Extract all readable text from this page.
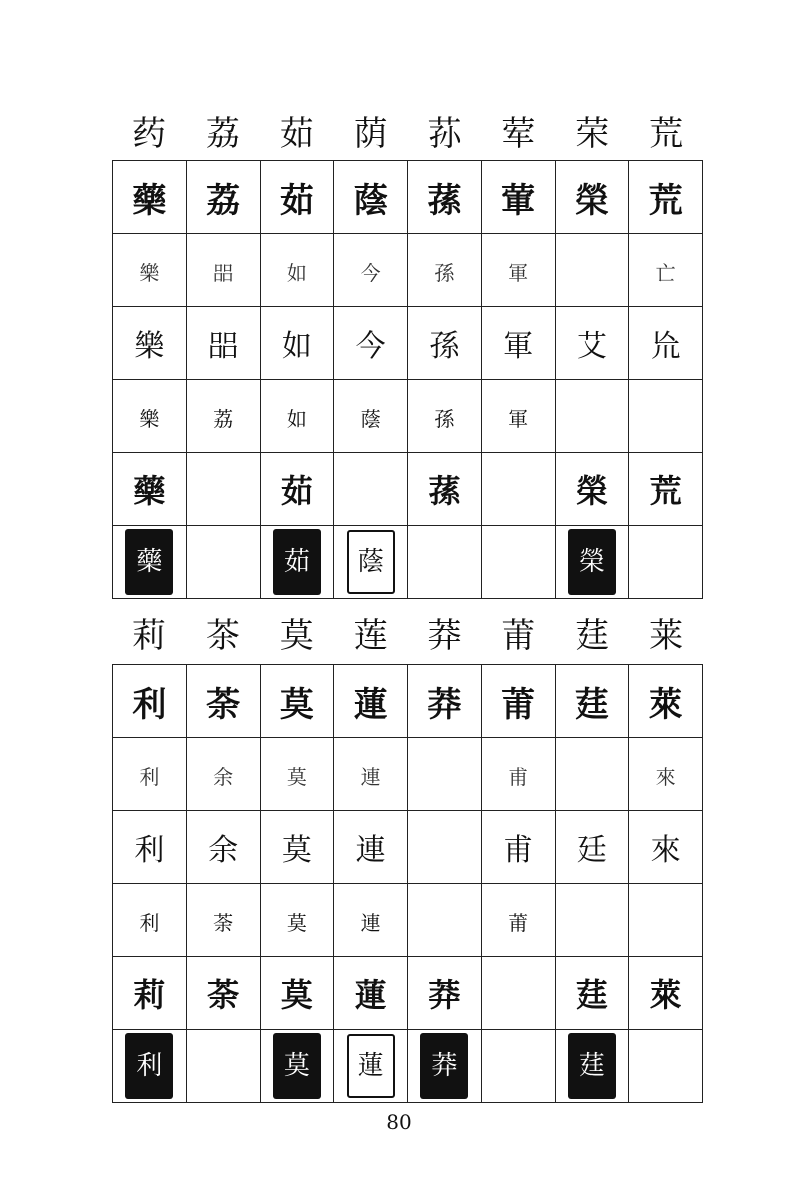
药	荔	茹	荫	荪	荤	荣	荒
藥	荔	茹	蔭	蓀	葷	榮	荒
樂	㗊	如	今	孫	軍		亡
樂	㗊	如	今	孫	軍	艾	㠩
樂	荔	如	蔭	孫	軍		
藥		茹		蓀		榮	荒
藥		茹	蔭			榮	
莉	茶	莫	莲	莽	莆	莛	莱
利	荼	莫	蓮	莽	莆	莛	萊
利	余	莫	連		甫		來
利	余	莫	連		甫	廷	來
利	荼	莫	連		莆		
莉	荼	莫	蓮	莽		莛	萊
利		莫	蓮	莽		莛	
80
